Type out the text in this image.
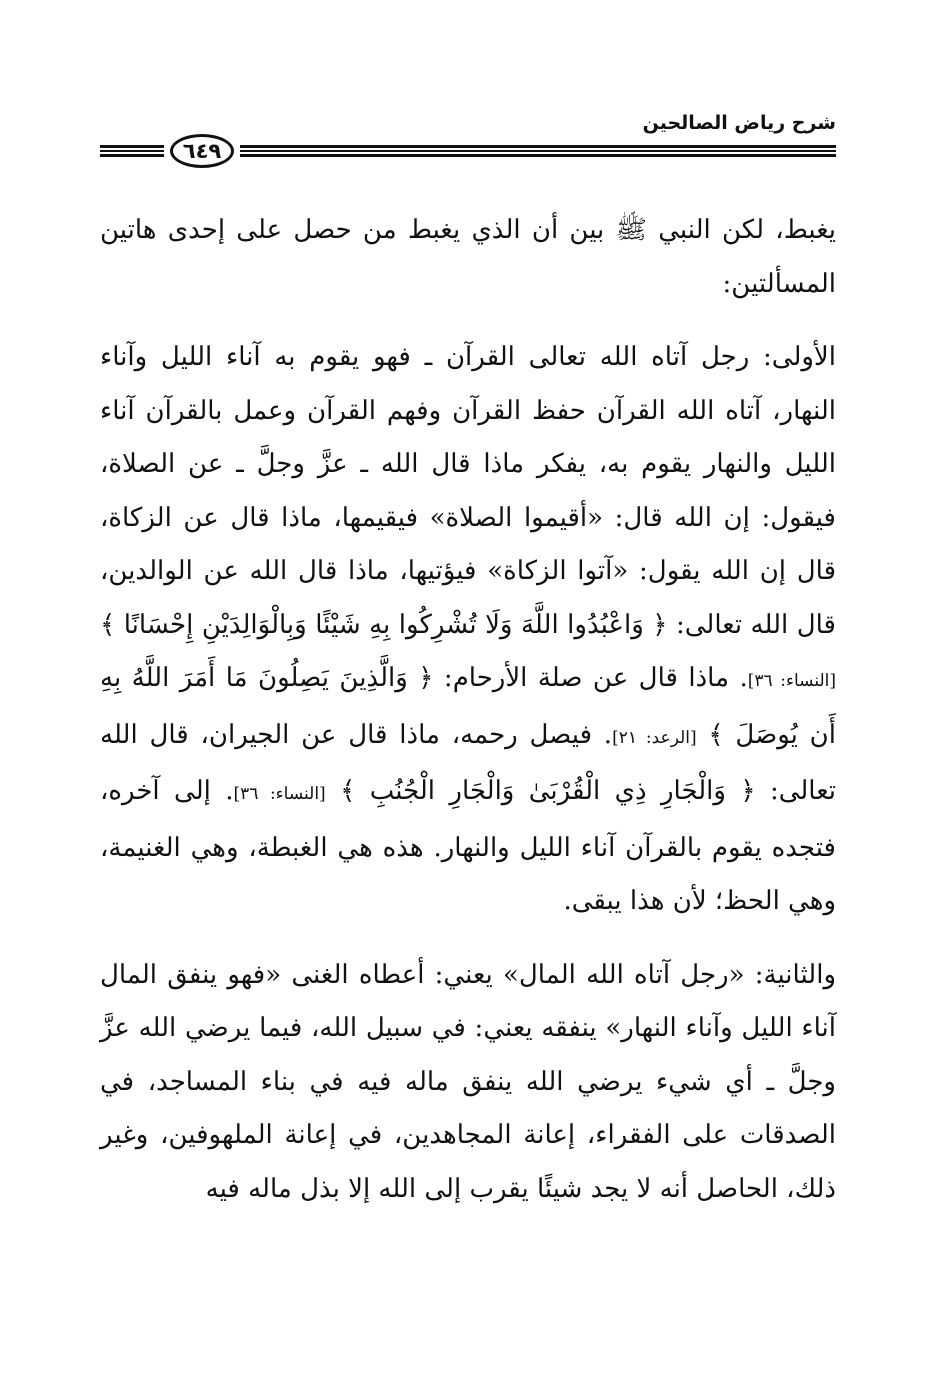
شرح رياض الصالحين
٦٤٩

يغبط، لكن النبي ﷺ بين أن الذي يغبط من حصل على إحدى هاتين المسألتين:

الأولى: رجل آتاه الله تعالى القرآن ـ فهو يقوم به آناء الليل وآناء النهار، آتاه الله القرآن حفظ القرآن وفهم القرآن وعمل بالقرآن آناء الليل والنهار يقوم به، يفكر ماذا قال الله ـ عزَّ وجلَّ ـ عن الصلاة، فيقول: إن الله قال: «أقيموا الصلاة» فيقيمها، ماذا قال عن الزكاة، قال إن الله يقول: «آتوا الزكاة» فيؤتيها، ماذا قال الله عن الوالدين، قال الله تعالى: ﴿ وَاعْبُدُوا اللَّهَ وَلَا تُشْرِكُوا بِهِ شَيْئًا وَبِالْوَالِدَيْنِ إِحْسَانًا ﴾ [النساء: ٣٦]. ماذا قال عن صلة الأرحام: ﴿ وَالَّذِينَ يَصِلُونَ مَا أَمَرَ اللَّهُ بِهِ أَن يُوصَلَ ﴾ [الرعد: ٢١]. فيصل رحمه، ماذا قال عن الجيران، قال الله تعالى: ﴿ وَالْجَارِ ذِي الْقُرْبَىٰ وَالْجَارِ الْجُنُبِ ﴾ [النساء: ٣٦]. إلى آخره، فتجده يقوم بالقرآن آناء الليل والنهار. هذه هي الغبطة، وهي الغنيمة، وهي الحظ؛ لأن هذا يبقى.

والثانية: «رجل آتاه الله المال» يعني: أعطاه الغنى «فهو ينفق المال آناء الليل وآناء النهار» ينفقه يعني: في سبيل الله، فيما يرضي الله عزَّ وجلَّ ـ أي شيء يرضي الله ينفق ماله فيه في بناء المساجد، في الصدقات على الفقراء، إعانة المجاهدين، في إعانة الملهوفين، وغير ذلك، الحاصل أنه لا يجد شيئًا يقرب إلى الله إلا بذل ماله فيه
